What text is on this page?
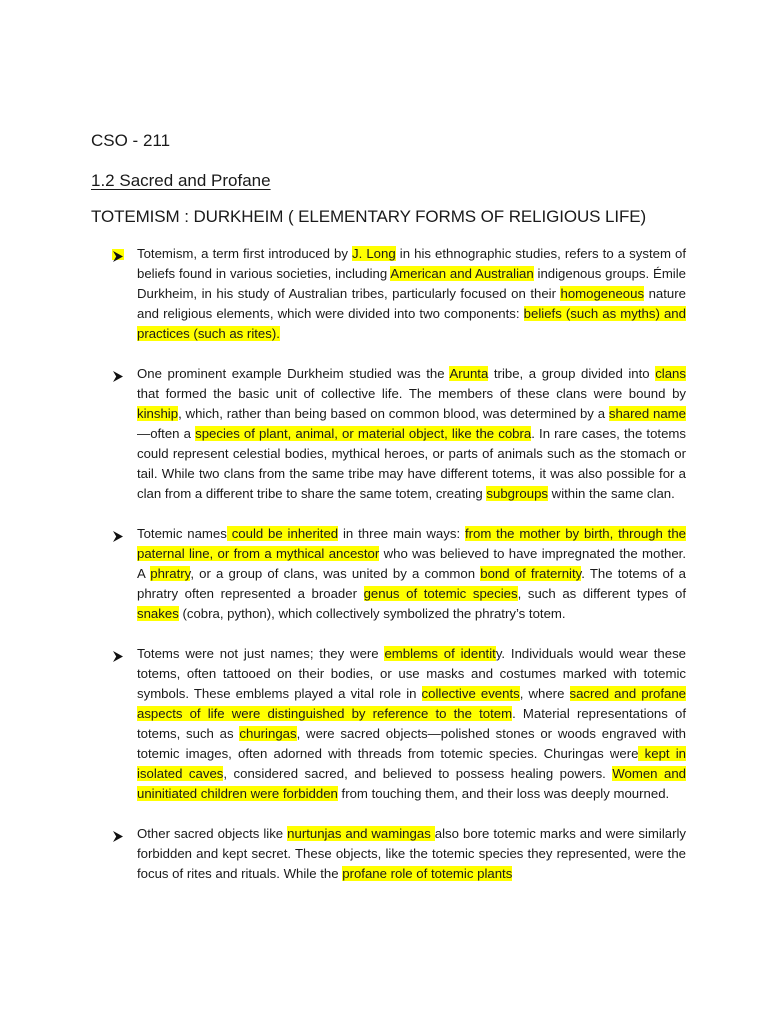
CSO - 211
1.2 Sacred and Profane
TOTEMISM : DURKHEIM ( ELEMENTARY FORMS OF RELIGIOUS LIFE)
Totemism, a term first introduced by J. Long in his ethnographic studies, refers to a system of beliefs found in various societies, including American and Australian indigenous groups. Émile Durkheim, in his study of Australian tribes, particularly focused on their homogeneous nature and religious elements, which were divided into two components: beliefs (such as myths) and practices (such as rites).
One prominent example Durkheim studied was the Arunta tribe, a group divided into clans that formed the basic unit of collective life. The members of these clans were bound by kinship, which, rather than being based on common blood, was determined by a shared name—often a species of plant, animal, or material object, like the cobra. In rare cases, the totems could represent celestial bodies, mythical heroes, or parts of animals such as the stomach or tail. While two clans from the same tribe may have different totems, it was also possible for a clan from a different tribe to share the same totem, creating subgroups within the same clan.
Totemic names could be inherited in three main ways: from the mother by birth, through the paternal line, or from a mythical ancestor who was believed to have impregnated the mother. A phratry, or a group of clans, was united by a common bond of fraternity. The totems of a phratry often represented a broader genus of totemic species, such as different types of snakes (cobra, python), which collectively symbolized the phratry’s totem.
Totems were not just names; they were emblems of identity. Individuals would wear these totems, often tattooed on their bodies, or use masks and costumes marked with totemic symbols. These emblems played a vital role in collective events, where sacred and profane aspects of life were distinguished by reference to the totem. Material representations of totems, such as churingas, were sacred objects—polished stones or woods engraved with totemic images, often adorned with threads from totemic species. Churingas were kept in isolated caves, considered sacred, and believed to possess healing powers. Women and uninitiated children were forbidden from touching them, and their loss was deeply mourned.
Other sacred objects like nurtunjas and wamingas also bore totemic marks and were similarly forbidden and kept secret. These objects, like the totemic species they represented, were the focus of rites and rituals. While the profane role of totemic plants
